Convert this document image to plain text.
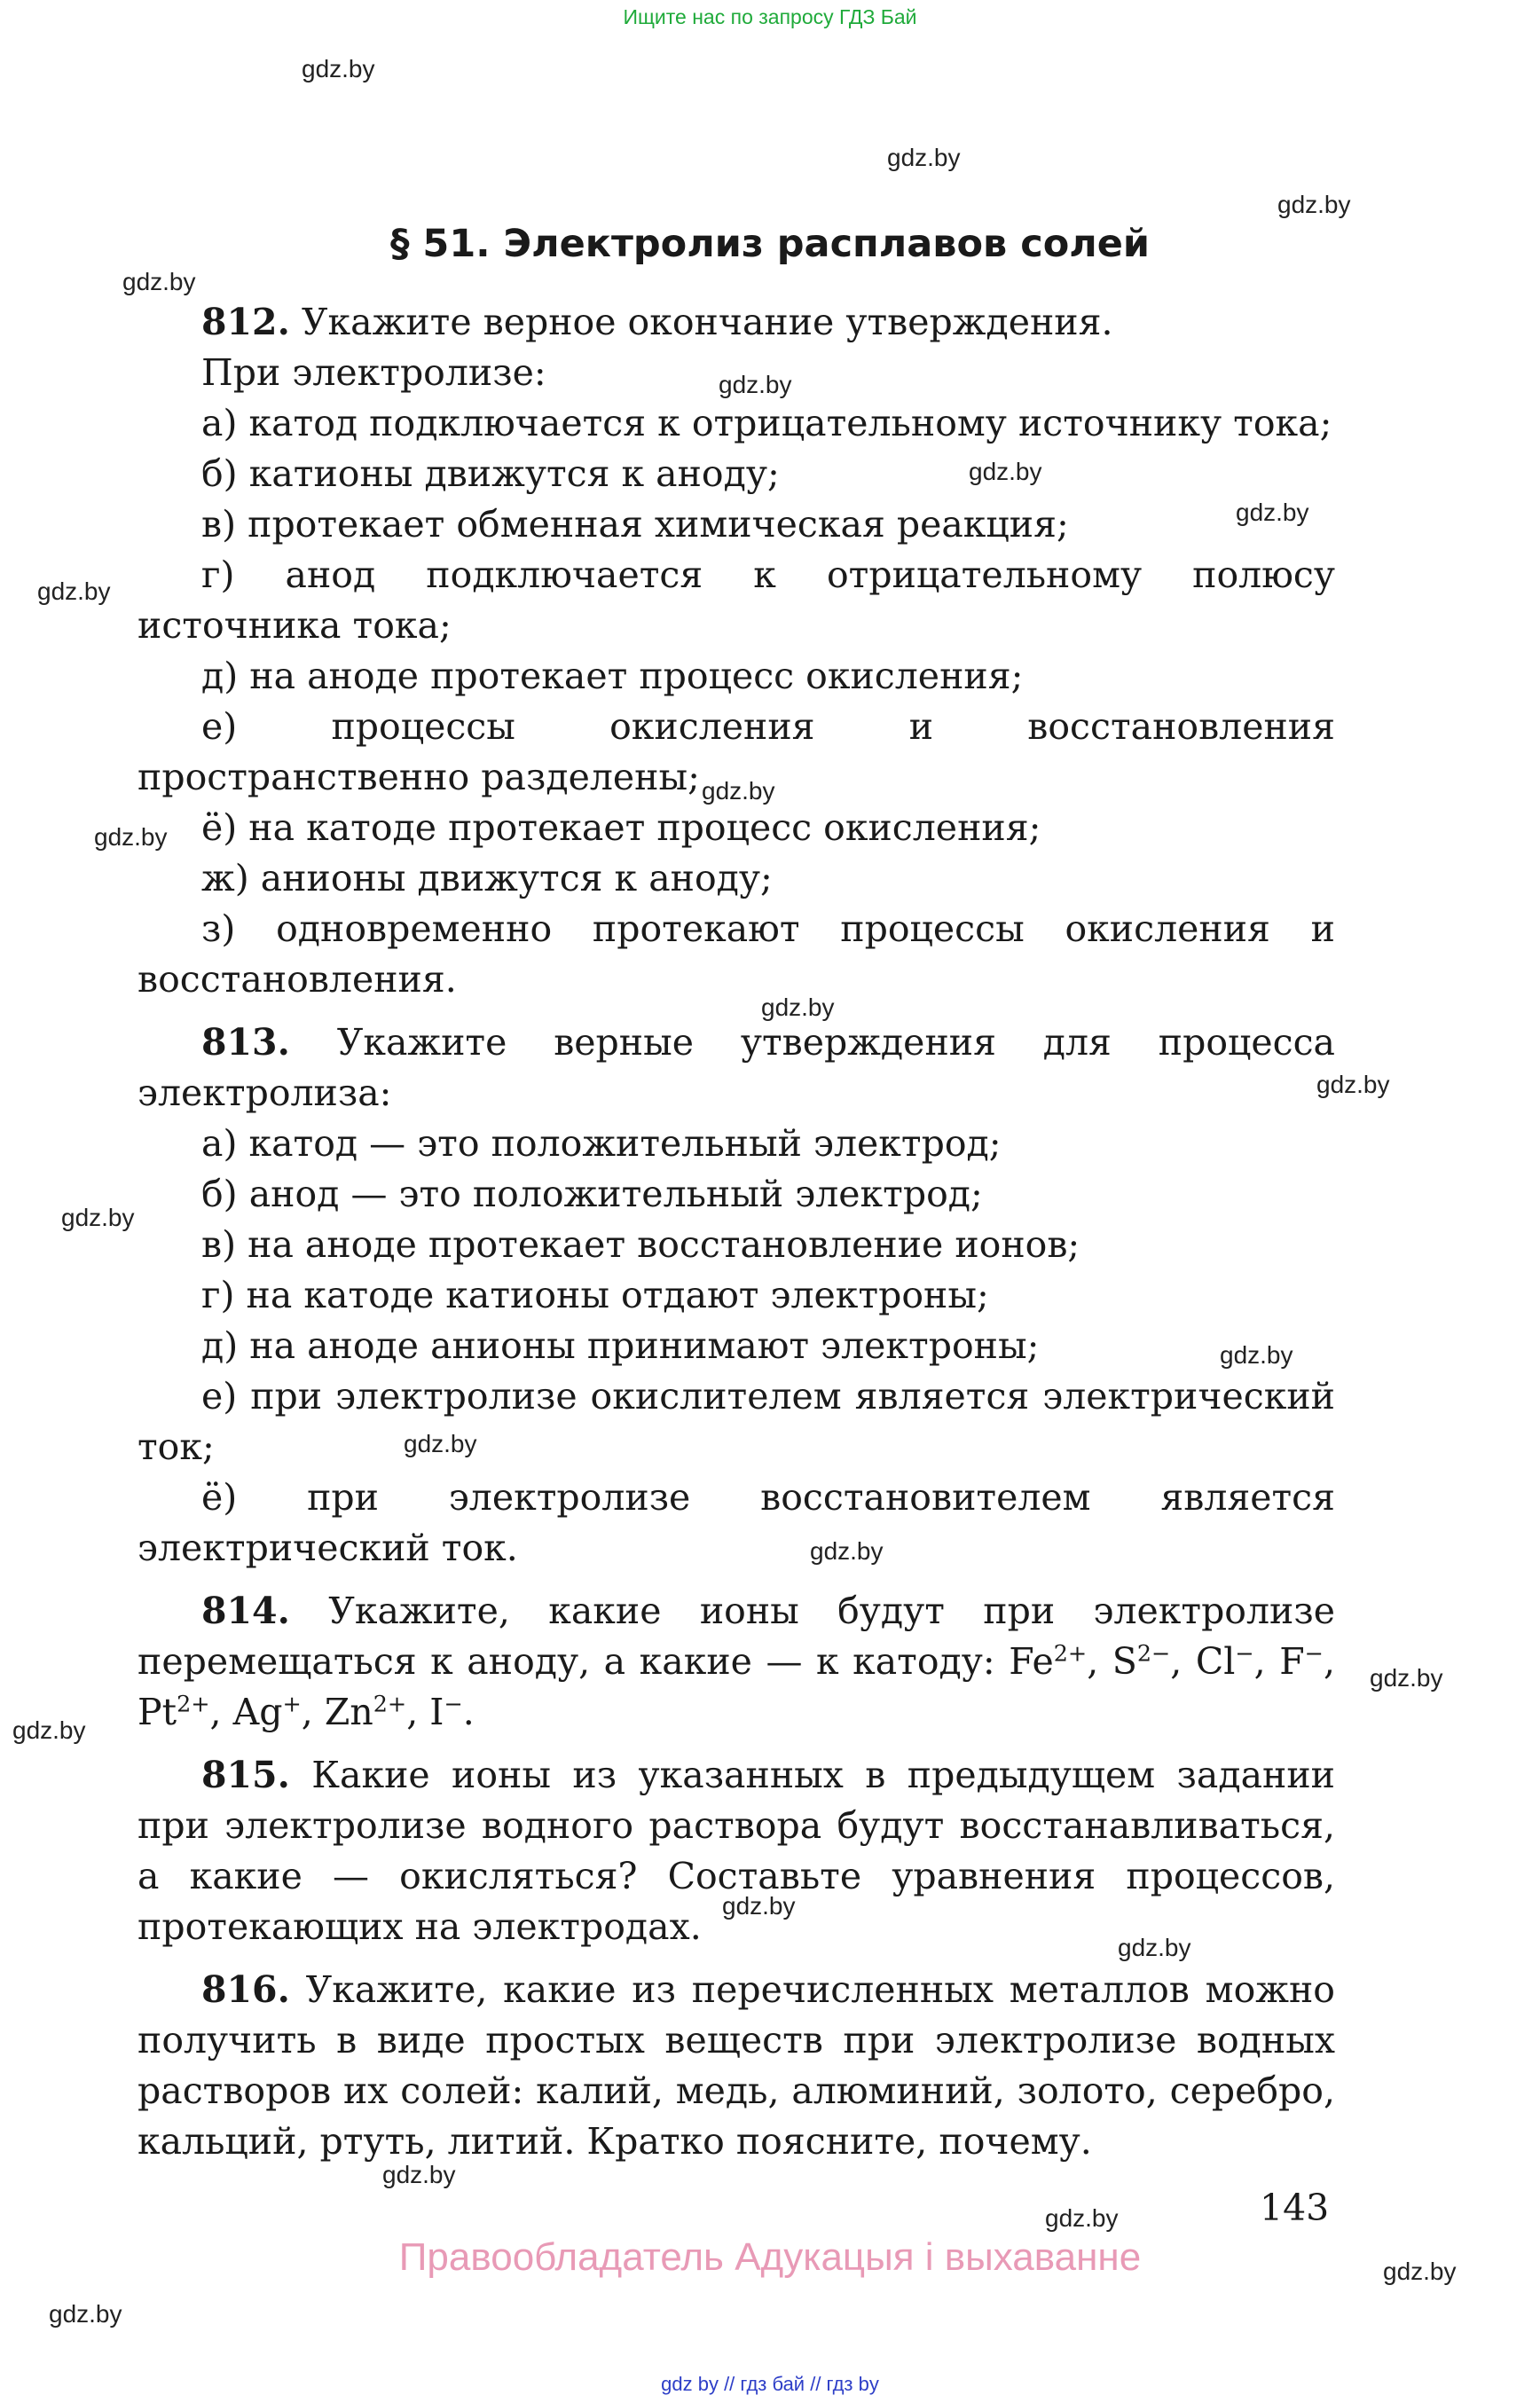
Ищите нас по запросу ГДЗ Бай
gdz.by
gdz.by
gdz.by
gdz.by
gdz.by
gdz.by
gdz.by
gdz.by
gdz.by
gdz.by
gdz.by
gdz.by
gdz.by
gdz.by
gdz.by
gdz.by
gdz.by
gdz.by
gdz.by
gdz.by
gdz.by
gdz.by
gdz.by
gdz.by
§ 51. Электролиз расплавов солей

812. Укажите верное окончание утверждения.

При электролизе:

а) катод подключается к отрицательному источнику тока;

б) катионы движутся к аноду;

в) протекает обменная химическая реакция;

г) анод подключается к отрицательному полюсу источника тока;

д) на аноде протекает процесс окисления;

е) процессы окисления и восстановления пространственно разделены;

ё) на катоде протекает процесс окисления;

ж) анионы движутся к аноду;

з) одновременно протекают процессы окисления и восстановления.

813. Укажите верные утверждения для процесса электролиза:

а) катод — это положительный электрод;

б) анод — это положительный электрод;

в) на аноде протекает восстановление ионов;

г) на катоде катионы отдают электроны;

д) на аноде анионы принимают электроны;

е) при электролизе окислителем является электрический ток;

ё) при электролизе восстановителем является электрический ток.

814. Укажите, какие ионы будут при электролизе перемещаться к аноду, а какие — к катоду: $Fe^{2+}$, $S^{2-}$, Cl−, F−, $Pt^{2+}$, Ag+, $Zn^{2+}$, I−.

815. Какие ионы из указанных в предыдущем задании при электролизе водного раствора будут восстанавливаться, а какие — окисляться? Составьте уравнения процессов, протекающих на электродах.

816. Укажите, какие из перечисленных металлов можно получить в виде простых веществ при электролизе водных растворов их солей: калий, медь, алюминий, золото, серебро, кальций, ртуть, литий. Кратко поясните, почему.

143
Правообладатель Адукацыя і выхаванне
gdz by // гдз бай // гдз by
